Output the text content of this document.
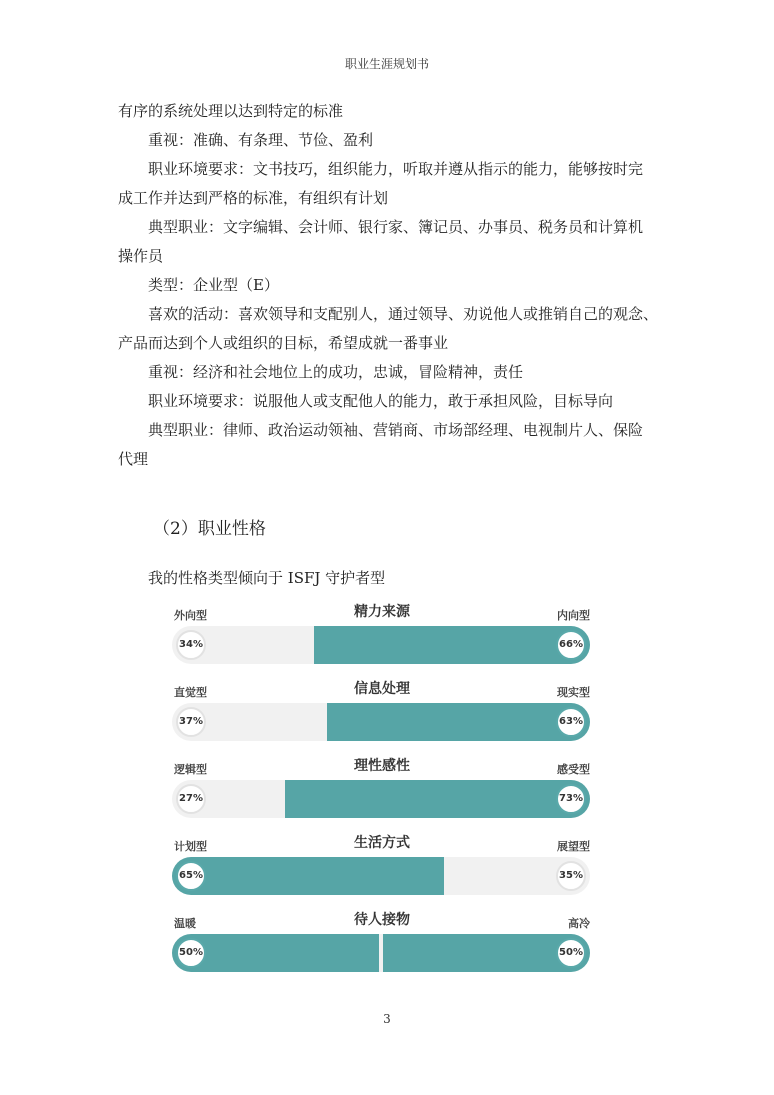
职业生涯规划书
有序的系统处理以达到特定的标准
重视：准确、有条理、节俭、盈利
职业环境要求：文书技巧，组织能力，听取并遵从指示的能力，能够按时完
成工作并达到严格的标准，有组织有计划
典型职业：文字编辑、会计师、银行家、簿记员、办事员、税务员和计算机
操作员
类型：企业型（E）
喜欢的活动：喜欢领导和支配别人，通过领导、劝说他人或推销自己的观念、
产品而达到个人或组织的目标，希望成就一番事业
重视：经济和社会地位上的成功，忠诚，冒险精神，责任
职业环境要求：说服他人或支配他人的能力，敢于承担风险，目标导向
典型职业：律师、政治运动领袖、营销商、市场部经理、电视制片人、保险
代理
（2）职业性格
我的性格类型倾向于 ISFJ 守护者型
外向型	精力来源	内向型
34%	66%
直觉型	信息处理	现实型
37%	63%
逻辑型	理性感性	感受型
27%	73%
计划型	生活方式	展望型
65%	35%
温暖	待人接物	高冷
50%	50%
3
